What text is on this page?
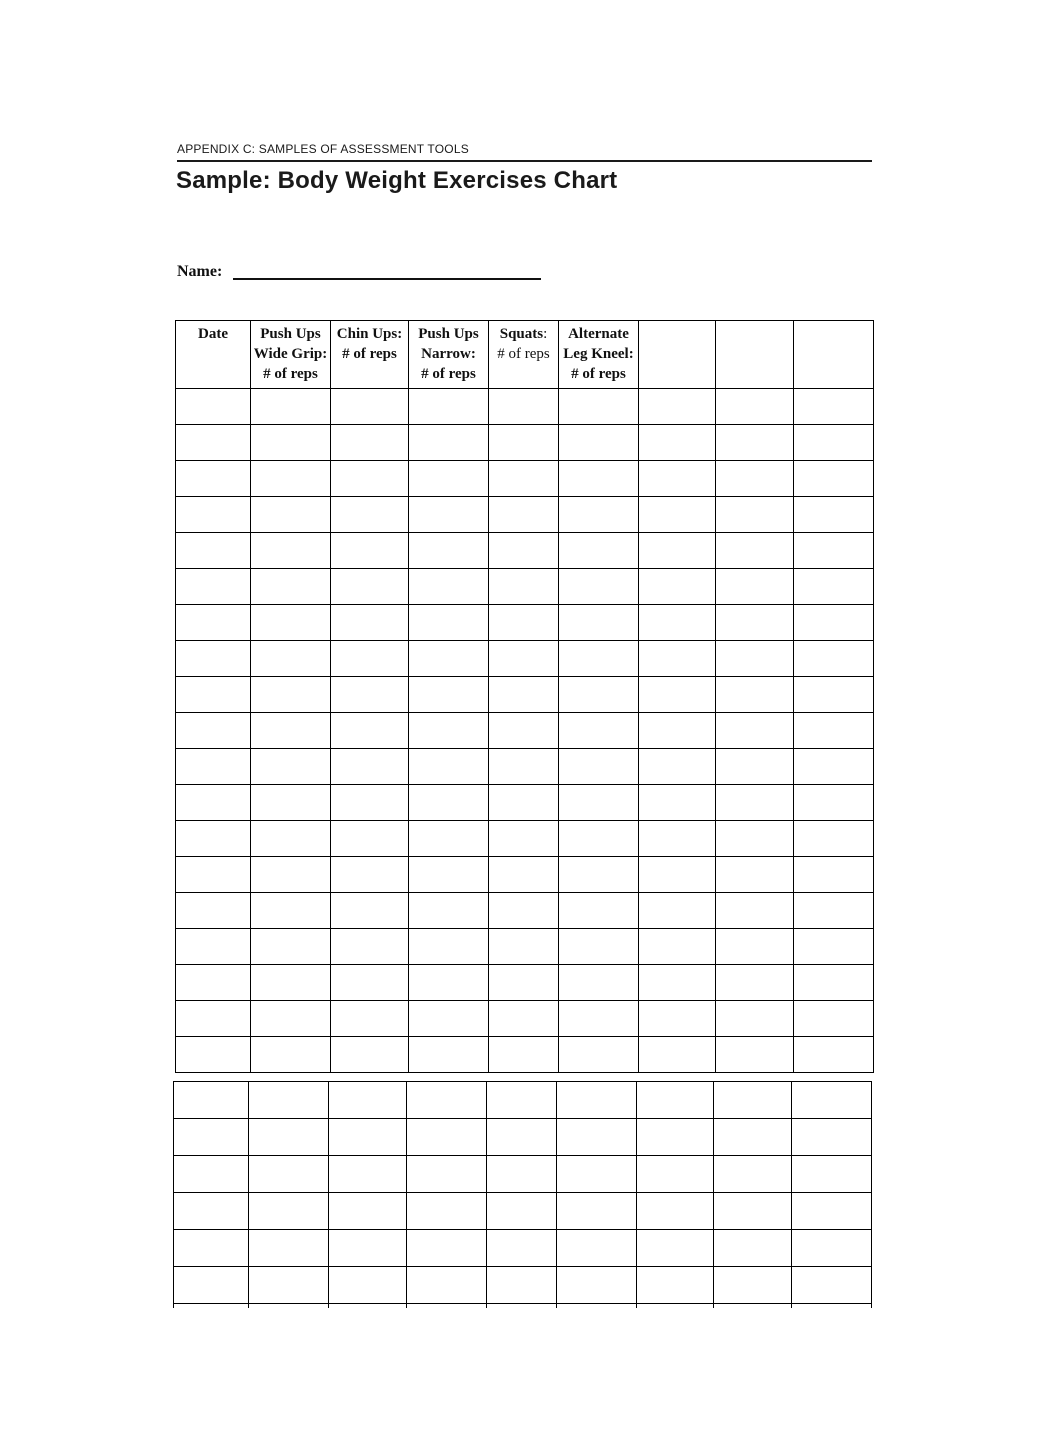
APPENDIX C: SAMPLES OF ASSESSMENT TOOLS
Sample: Body Weight Exercises Chart
Name:
Date	Push Ups
Wide Grip:
# of reps	Chin Ups:
# of reps	Push Ups
Narrow:
# of reps	Squats:
# of reps	Alternate
Leg Kneel:
# of reps			
